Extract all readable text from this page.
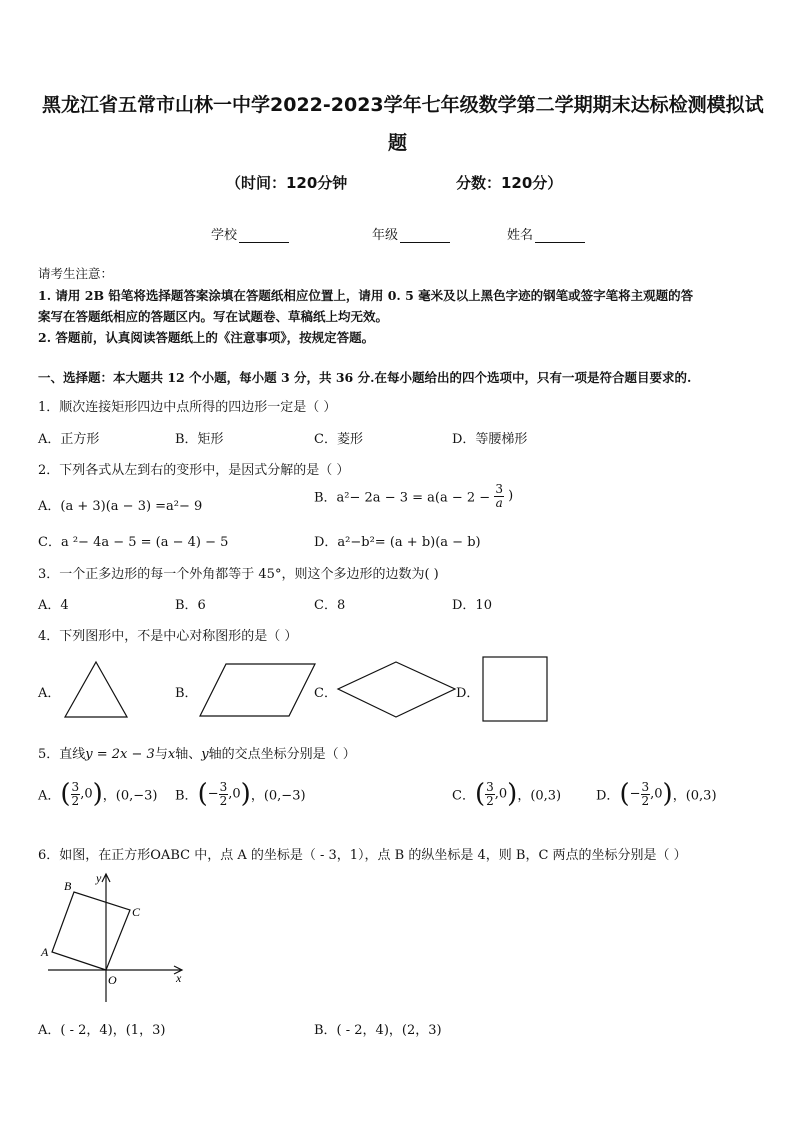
黑龙江省五常市山林一中学2022-2023学年七年级数学第二学期期末达标检测模拟试
题
（时间：120分钟	分数：120分）
学校	年级	姓名
请考生注意：
1. 请用 2B 铅笔将选择题答案涂填在答题纸相应位置上，请用 0. 5 毫米及以上黑色字迹的钢笔或签字笔将主观题的答
案写在答题纸相应的答题区内。写在试题卷、草稿纸上均无效。
2. 答题前，认真阅读答题纸上的《注意事项》，按规定答题。
一、选择题：本大题共 12 个小题，每小题 3 分，共 36 分.在每小题给出的四个选项中，只有一项是符合题目要求的.
1．顺次连接矩形四边中点所得的四边形一定是（ ）
A．正方形	B．矩形	C．菱形	D．等腰梯形
2．下列各式从左到右的变形中，是因式分解的是（ ）
A．(a + 3)(a − 3) =a²− 9
B．$a^2- 2a - 3 = a(a - 2 - \frac{3}{a}$ )
C．a ²− 4a − 5 = (a − 4) − 5	D．a²−b²= (a + b)(a − b)
3．一个正多边形的每一个外角都等于 45°，则这个多边形的边数为( )
A．4	B．6	C．8	D．10
4．下列图形中，不是中心对称图形的是（ ）
A．	B．	C．	D．
5．直线y = 2x − 3与x轴、y轴的交点坐标分别是（ ）
A．( $\frac{3}{2} ,0$)，(0,−3) B．(− $\frac{3}{2} ,0$)，(0,−3)	C．( $\frac{3}{2} ,0$)，(0,3)	D．(− $\frac{3}{2} ,0$)，(0,3)
6．如图，在正方形OABC 中，点 A 的坐标是（ - 3，1），点 B 的纵坐标是 4，则 B，C 两点的坐标分别是（ ）
B
C
A
O	x
y
A．( - 2，4)，(1，3)	B．( - 2，4)，(2，3)
